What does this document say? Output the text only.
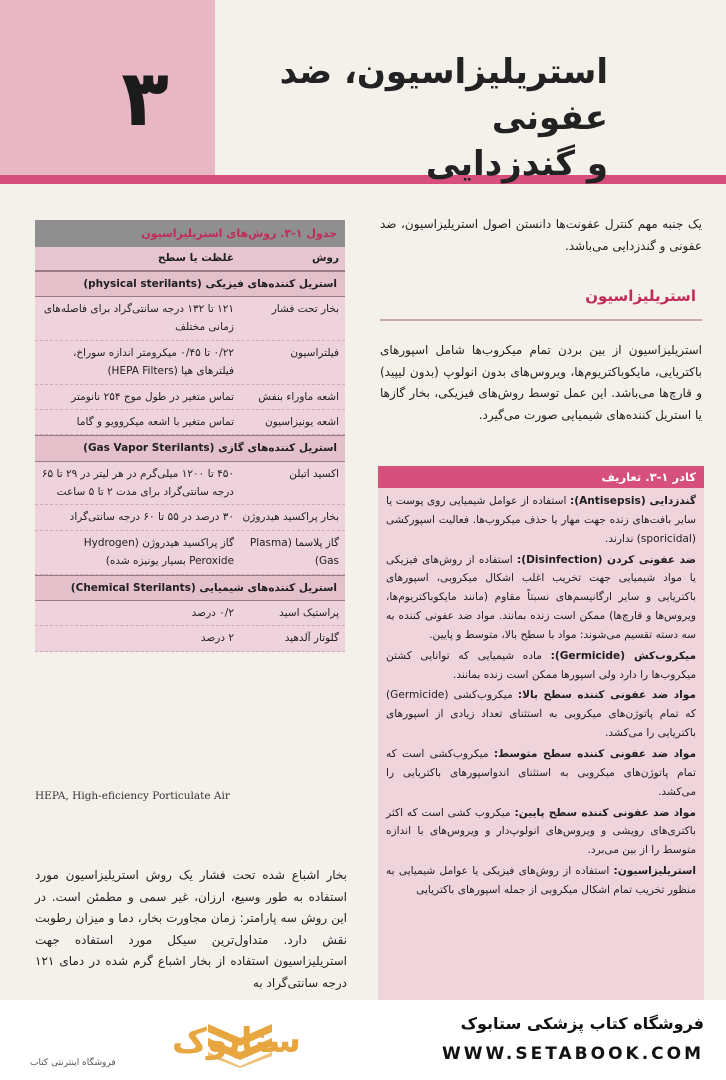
۳	استریلیزاسیون، ضد عفونی
و گندزدایی
جدول ۱-۳. روش‌های استریلیزاسیون
روش
غلظت یا سطح
استریل کننده‌های فیزیکی (physical sterilants)
بخار تحت فشار
۱۲۱ تا ۱۳۲ درجه سانتی‌گراد برای فاصله‌های زمانی مختلف
فیلتراسیون
۰/۲۲ تا ۰/۴۵ میکرومتر اندازه سوراخ، فیلترهای هپا (HEPA Filters)
اشعه ماوراء بنفش
تماس متغیر در طول موج ۲۵۴ نانومتر
اشعه یونیزاسیون
تماس متغیر با اشعه میکروویو و گاما
استریل کننده‌های گازی (Gas Vapor Sterilants)
اکسید اتیلن
۴۵۰ تا ۱۲۰۰ میلی‌گرم در هر لیتر در ۲۹ تا ۶۵ درجه سانتی‌گراد برای مدت ۲ تا ۵ ساعت
بخار پراکسید هیدروژن
۳۰ درصد در ۵۵ تا ۶۰ درجه سانتی‌گراد
گاز پلاسما (Plasma Gas)
گاز پراکسید هیدروژن (Hydrogen Peroxide بسیار یونیزه شده)
استریل کننده‌های شیمیایی (Chemical Sterilants)
پراستیک اسید
۰/۲ درصد
گلوتار آلدهید
۲ درصد
HEPA, High-eficiency Porticulate Air
بخار اشباع شده تحت فشار یک روش استریلیزاسیون مورد استفاده به طور وسیع، ارزان، غیر سمی و مطمئن است. در این روش سه پارامتر: زمان مجاورت بخار، دما و میزان رطوبت نقش دارد. متداول‌ترین سیکل مورد استفاده جهت استریلیزاسیون استفاده از بخار اشباع گرم شده در دمای ۱۲۱ درجه سانتی‌گراد به
یک جنبه مهم کنترل عفونت‌ها دانستن اصول استریلیزاسیون، ضد عفونی و گندزدایی می‌باشد.
استریلیزاسیون
استریلیزاسیون از بین بردن تمام میکروب‌ها شامل اسپورهای باکتریایی، مایکوباکتریوم‌ها، ویروس‌های بدون انولوپ (بدون لیپید) و قارچ‌ها می‌باشد. این عمل توسط روش‌های فیزیکی، بخار گازها یا استریل کننده‌های شیمیایی صورت می‌گیرد.
کادر ۱-۳. تعاریف

گندزدایی (Antisepsis): استفاده از عوامل شیمیایی روی پوست یا سایر بافت‌های زنده جهت مهار یا حذف میکروب‌ها. فعالیت اسپورکشی (sporicidal) ندارند.

ضد عفونی کردن (Disinfection): استفاده از روش‌های فیزیکی یا مواد شیمیایی جهت تخریب اغلب اشکال میکروبی، اسپورهای باکتریایی و سایر ارگانیسم‌های نسبتاً مقاوم (مانند مایکوباکتریوم‌ها، ویروس‌ها و قارچ‌ها) ممکن است زنده بمانند. مواد ضد عفونی کننده به سه دسته تقسیم می‌شوند: مواد با سطح بالا، متوسط و پایین.

میکروب‌کش (Germicide): ماده شیمیایی که توانایی کشتن میکروب‌ها را دارد ولی اسپورها ممکن است زنده بمانند.

مواد ضد عفونی کننده سطح بالا: میکروب‌کشی (Germicide) که تمام پاتوژن‌های میکروبی به استثنای تعداد زیادی از اسپورهای باکتریایی را می‌کشد.

مواد ضد عفونی کننده سطح متوسط: میکروب‌کشی است که تمام پاتوژن‌های میکروبی به استثنای اندواسپورهای باکتریایی را می‌کشد.

مواد ضد عفونی کننده سطح پایین: میکروب کشی است که اکثر باکتری‌های رویشی و ویروس‌های انولوپ‌دار و ویروس‌های با اندازه متوسط را از بین می‌برد.

استریلیزاسیون: استفاده از روش‌های فیزیکی یا عوامل شیمیایی به منظور تخریب تمام اشکال میکروبی از جمله اسپورهای باکتریایی

فروشگاه کتاب پزشکی ستابوک
WWW.SETABOOK.COM
ستابوک
فروشگاه اینترنتی کتاب
